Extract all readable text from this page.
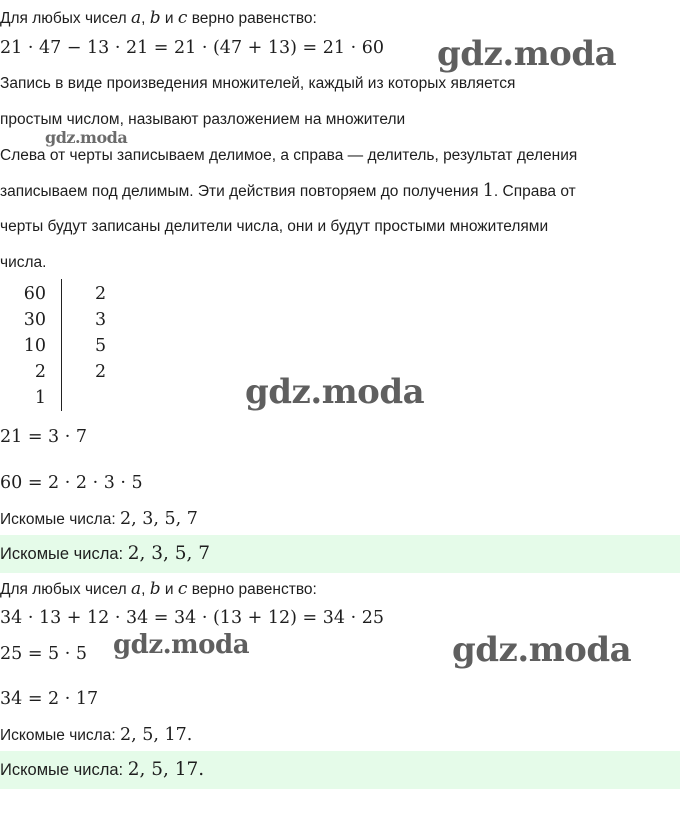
Для любых чисел a, b и c верно равенство:
21 · 47 − 13 · 21 = 21 · (47 + 13) = 21 · 60
Запись в виде произведения множителей, каждый из которых является
простым числом, называют разложением на множители
Слева от черты записываем делимое, а справа — делитель, результат деления
записываем под делимым. Эти действия повторяем до получения 1. Справа от
черты будут записаны делители числа, они и будут простыми множителями
числа.
60
30
10
2
1
2
3
5
2
21 = 3 · 7
60 = 2 · 2 · 3 · 5
Искомые числа: 2, 3, 5, 7
Искомые числа: 2, 3, 5, 7
Для любых чисел a, b и c верно равенство:
34 · 13 + 12 · 34 = 34 · (13 + 12) = 34 · 25
25 = 5 · 5
34 = 2 · 17
Искомые числа: 2, 5, 17.
Искомые числа: 2, 5, 17.
gdz.moda
gdz.moda
gdz.moda
gdz.moda	gdz.moda
